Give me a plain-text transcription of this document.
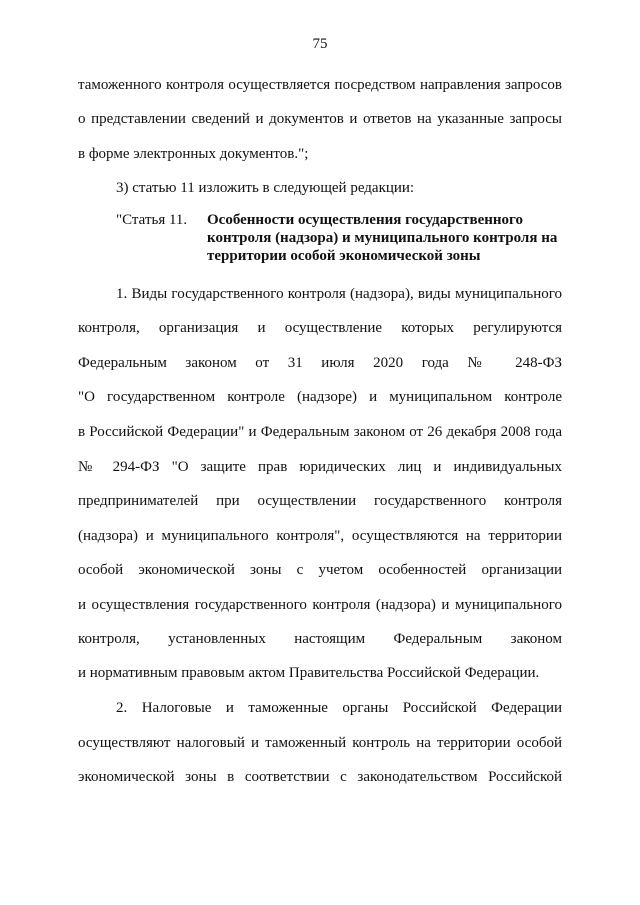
75
таможенного контроля осуществляется посредством направления запросов
о представлении сведений и документов и ответов на указанные запросы
в форме электронных документов.";
3) статью 11 изложить в следующей редакции:
"Статья 11. Особенности осуществления государственного
контроля (надзора) и муниципального контроля на
территории особой экономической зоны
1. Виды государственного контроля (надзора), виды муниципального
контроля, организация и осуществление которых регулируются
Федеральным законом от 31 июля 2020 года № 248-ФЗ
"О государственном контроле (надзоре) и муниципальном контроле
в Российской Федерации" и Федеральным законом от 26 декабря 2008 года
№ 294-ФЗ "О защите прав юридических лиц и индивидуальных
предпринимателей при осуществлении государственного контроля
(надзора) и муниципального контроля", осуществляются на территории
особой экономической зоны с учетом особенностей организации
и осуществления государственного контроля (надзора) и муниципального
контроля, установленных настоящим Федеральным законом
и нормативным правовым актом Правительства Российской Федерации.
2. Налоговые и таможенные органы Российской Федерации
осуществляют налоговый и таможенный контроль на территории особой
экономической зоны в соответствии с законодательством Российской
